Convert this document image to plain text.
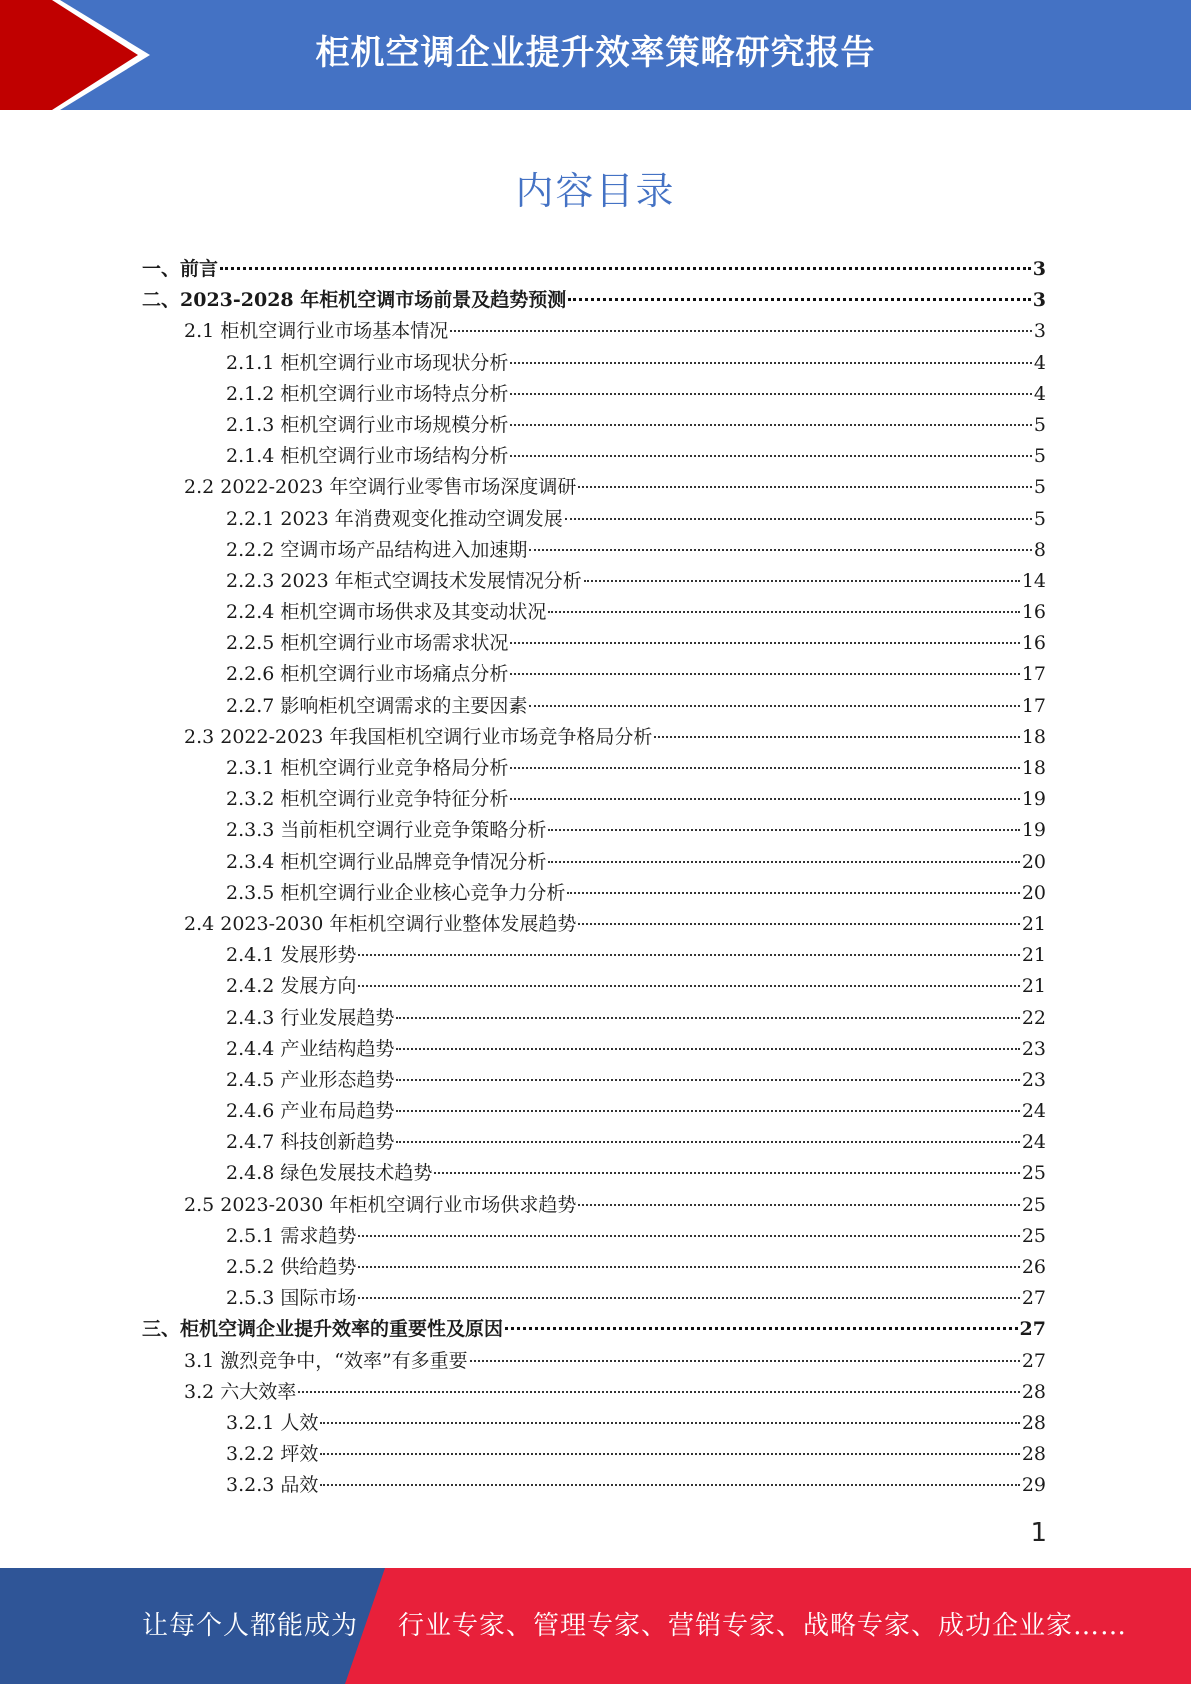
柜机空调企业提升效率策略研究报告
内容目录
一、前言	3
二、2023-2028 年柜机空调市场前景及趋势预测	3
2.1 柜机空调行业市场基本情况	3
2.1.1 柜机空调行业市场现状分析	4
2.1.2 柜机空调行业市场特点分析	4
2.1.3 柜机空调行业市场规模分析	5
2.1.4 柜机空调行业市场结构分析	5
2.2 2022-2023 年空调行业零售市场深度调研	5
2.2.1 2023 年消费观变化推动空调发展	5
2.2.2 空调市场产品结构进入加速期	8
2.2.3 2023 年柜式空调技术发展情况分析	14
2.2.4 柜机空调市场供求及其变动状况	16
2.2.5 柜机空调行业市场需求状况	16
2.2.6 柜机空调行业市场痛点分析	17
2.2.7 影响柜机空调需求的主要因素	17
2.3 2022-2023 年我国柜机空调行业市场竞争格局分析	18
2.3.1 柜机空调行业竞争格局分析	18
2.3.2 柜机空调行业竞争特征分析	19
2.3.3 当前柜机空调行业竞争策略分析	19
2.3.4 柜机空调行业品牌竞争情况分析	20
2.3.5 柜机空调行业企业核心竞争力分析	20
2.4 2023-2030 年柜机空调行业整体发展趋势	21
2.4.1 发展形势	21
2.4.2 发展方向	21
2.4.3 行业发展趋势	22
2.4.4 产业结构趋势	23
2.4.5 产业形态趋势	23
2.4.6 产业布局趋势	24
2.4.7 科技创新趋势	24
2.4.8 绿色发展技术趋势	25
2.5 2023-2030 年柜机空调行业市场供求趋势	25
2.5.1 需求趋势	25
2.5.2 供给趋势	26
2.5.3 国际市场	27
三、柜机空调企业提升效率的重要性及原因	27
3.1 激烈竞争中，“效率”有多重要	27
3.2 六大效率	28
3.2.1 人效	28
3.2.2 坪效	28
3.2.3 品效	29
1
让每个人都能成为 行业专家、管理专家、营销专家、战略专家、成功企业家……
